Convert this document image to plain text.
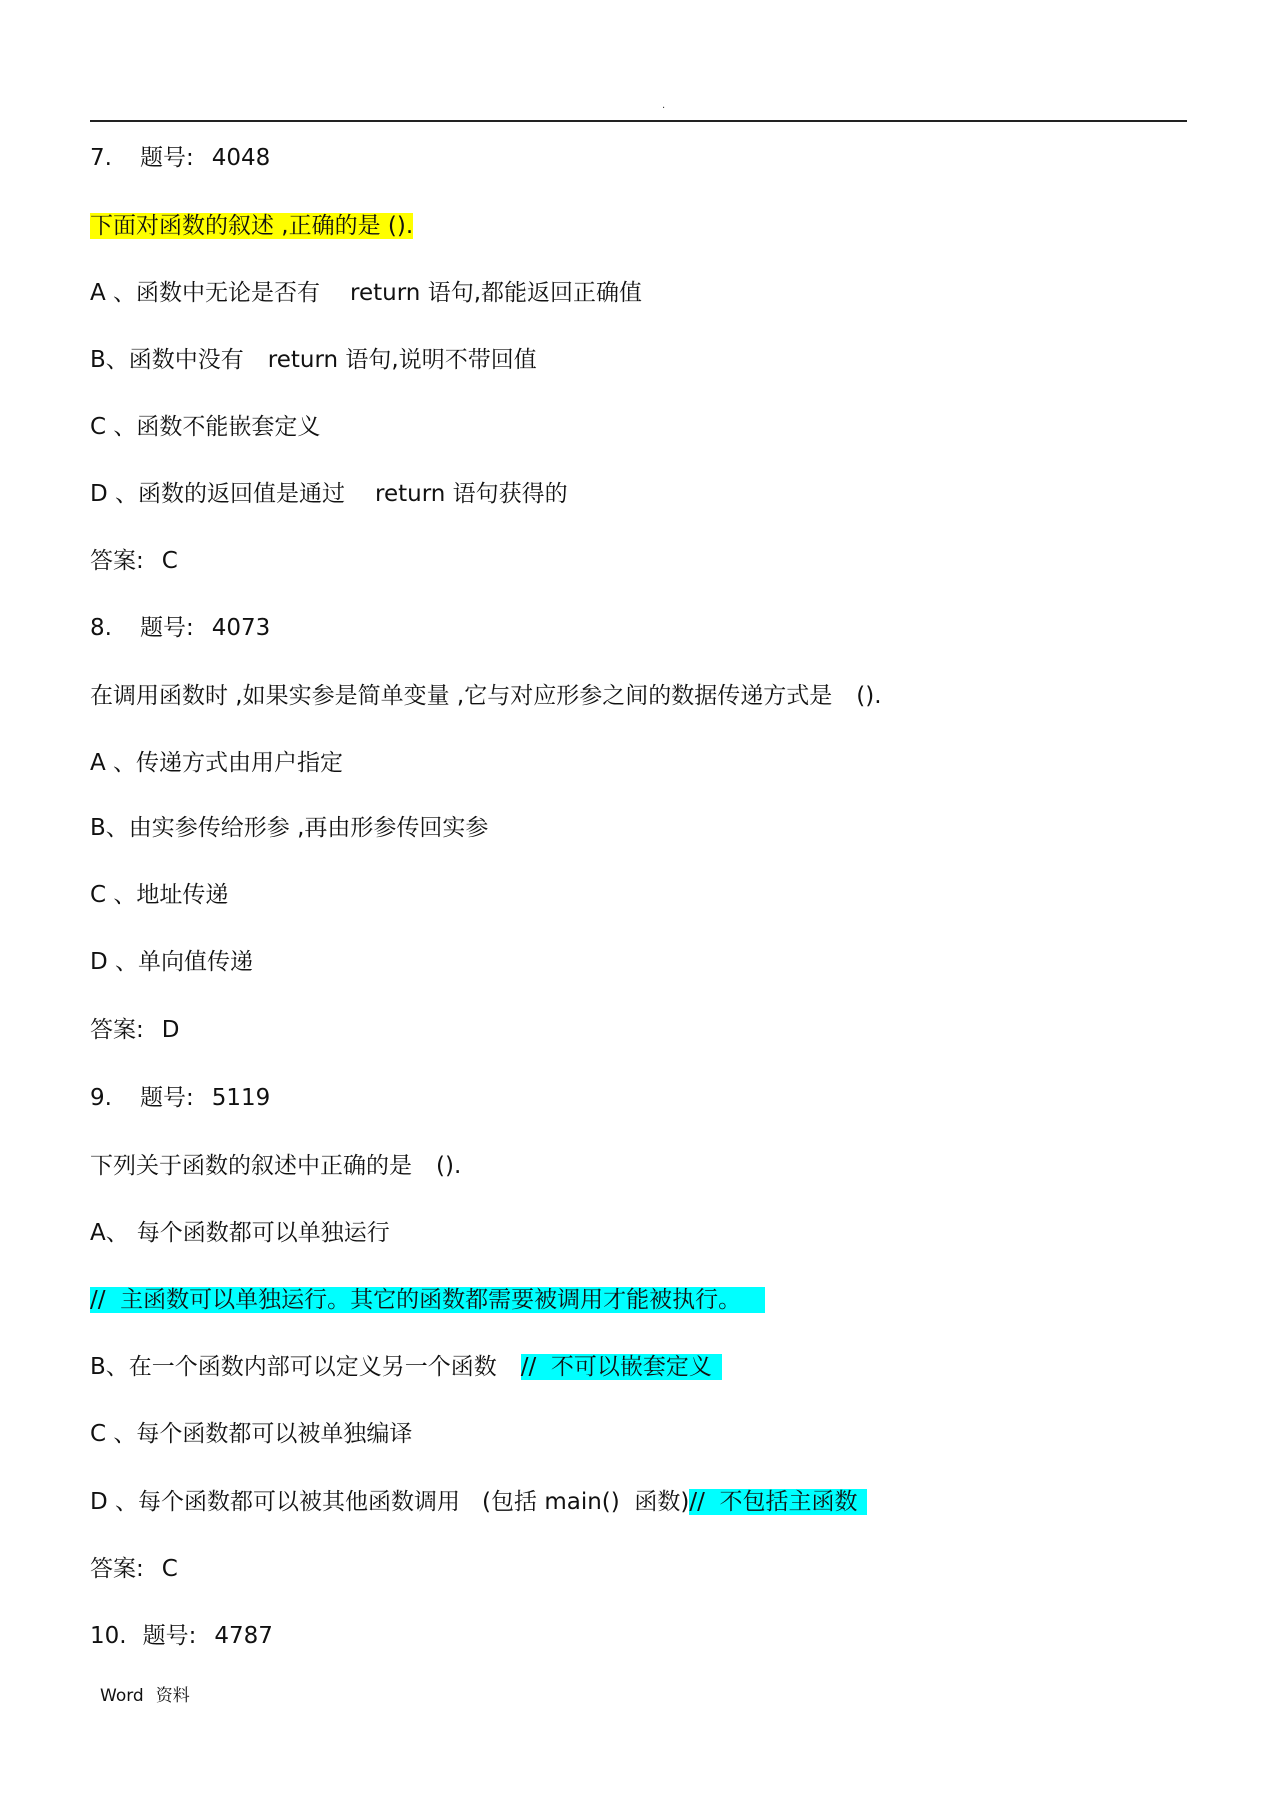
.
7. 题号: 4048
下面对函数的叙述 ,正确的是 ().
A 、函数中无论是否有 return 语句,都能返回正确值
B、函数中没有 return 语句,说明不带回值
C 、函数不能嵌套定义
D 、函数的返回值是通过 return 语句获得的
答案: C
8. 题号: 4073
在调用函数时 ,如果实参是简单变量 ,它与对应形参之间的数据传递方式是 ().
A 、传递方式由用户指定
B、由实参传给形参 ,再由形参传回实参
C 、地址传递
D 、单向值传递
答案: D
9. 题号: 5119
下列关于函数的叙述中正确的是 ().
A、 每个函数都可以单独运行
//  主函数可以单独运行。其它的函数都需要被调用才能被执行。
B、在一个函数内部可以定义另一个函数 //  不可以嵌套定义
C 、每个函数都可以被单独编译
D 、每个函数都可以被其他函数调用 (包括 main()  函数)//  不包括主函数
答案: C
10. 题号: 4787
Word 资料
